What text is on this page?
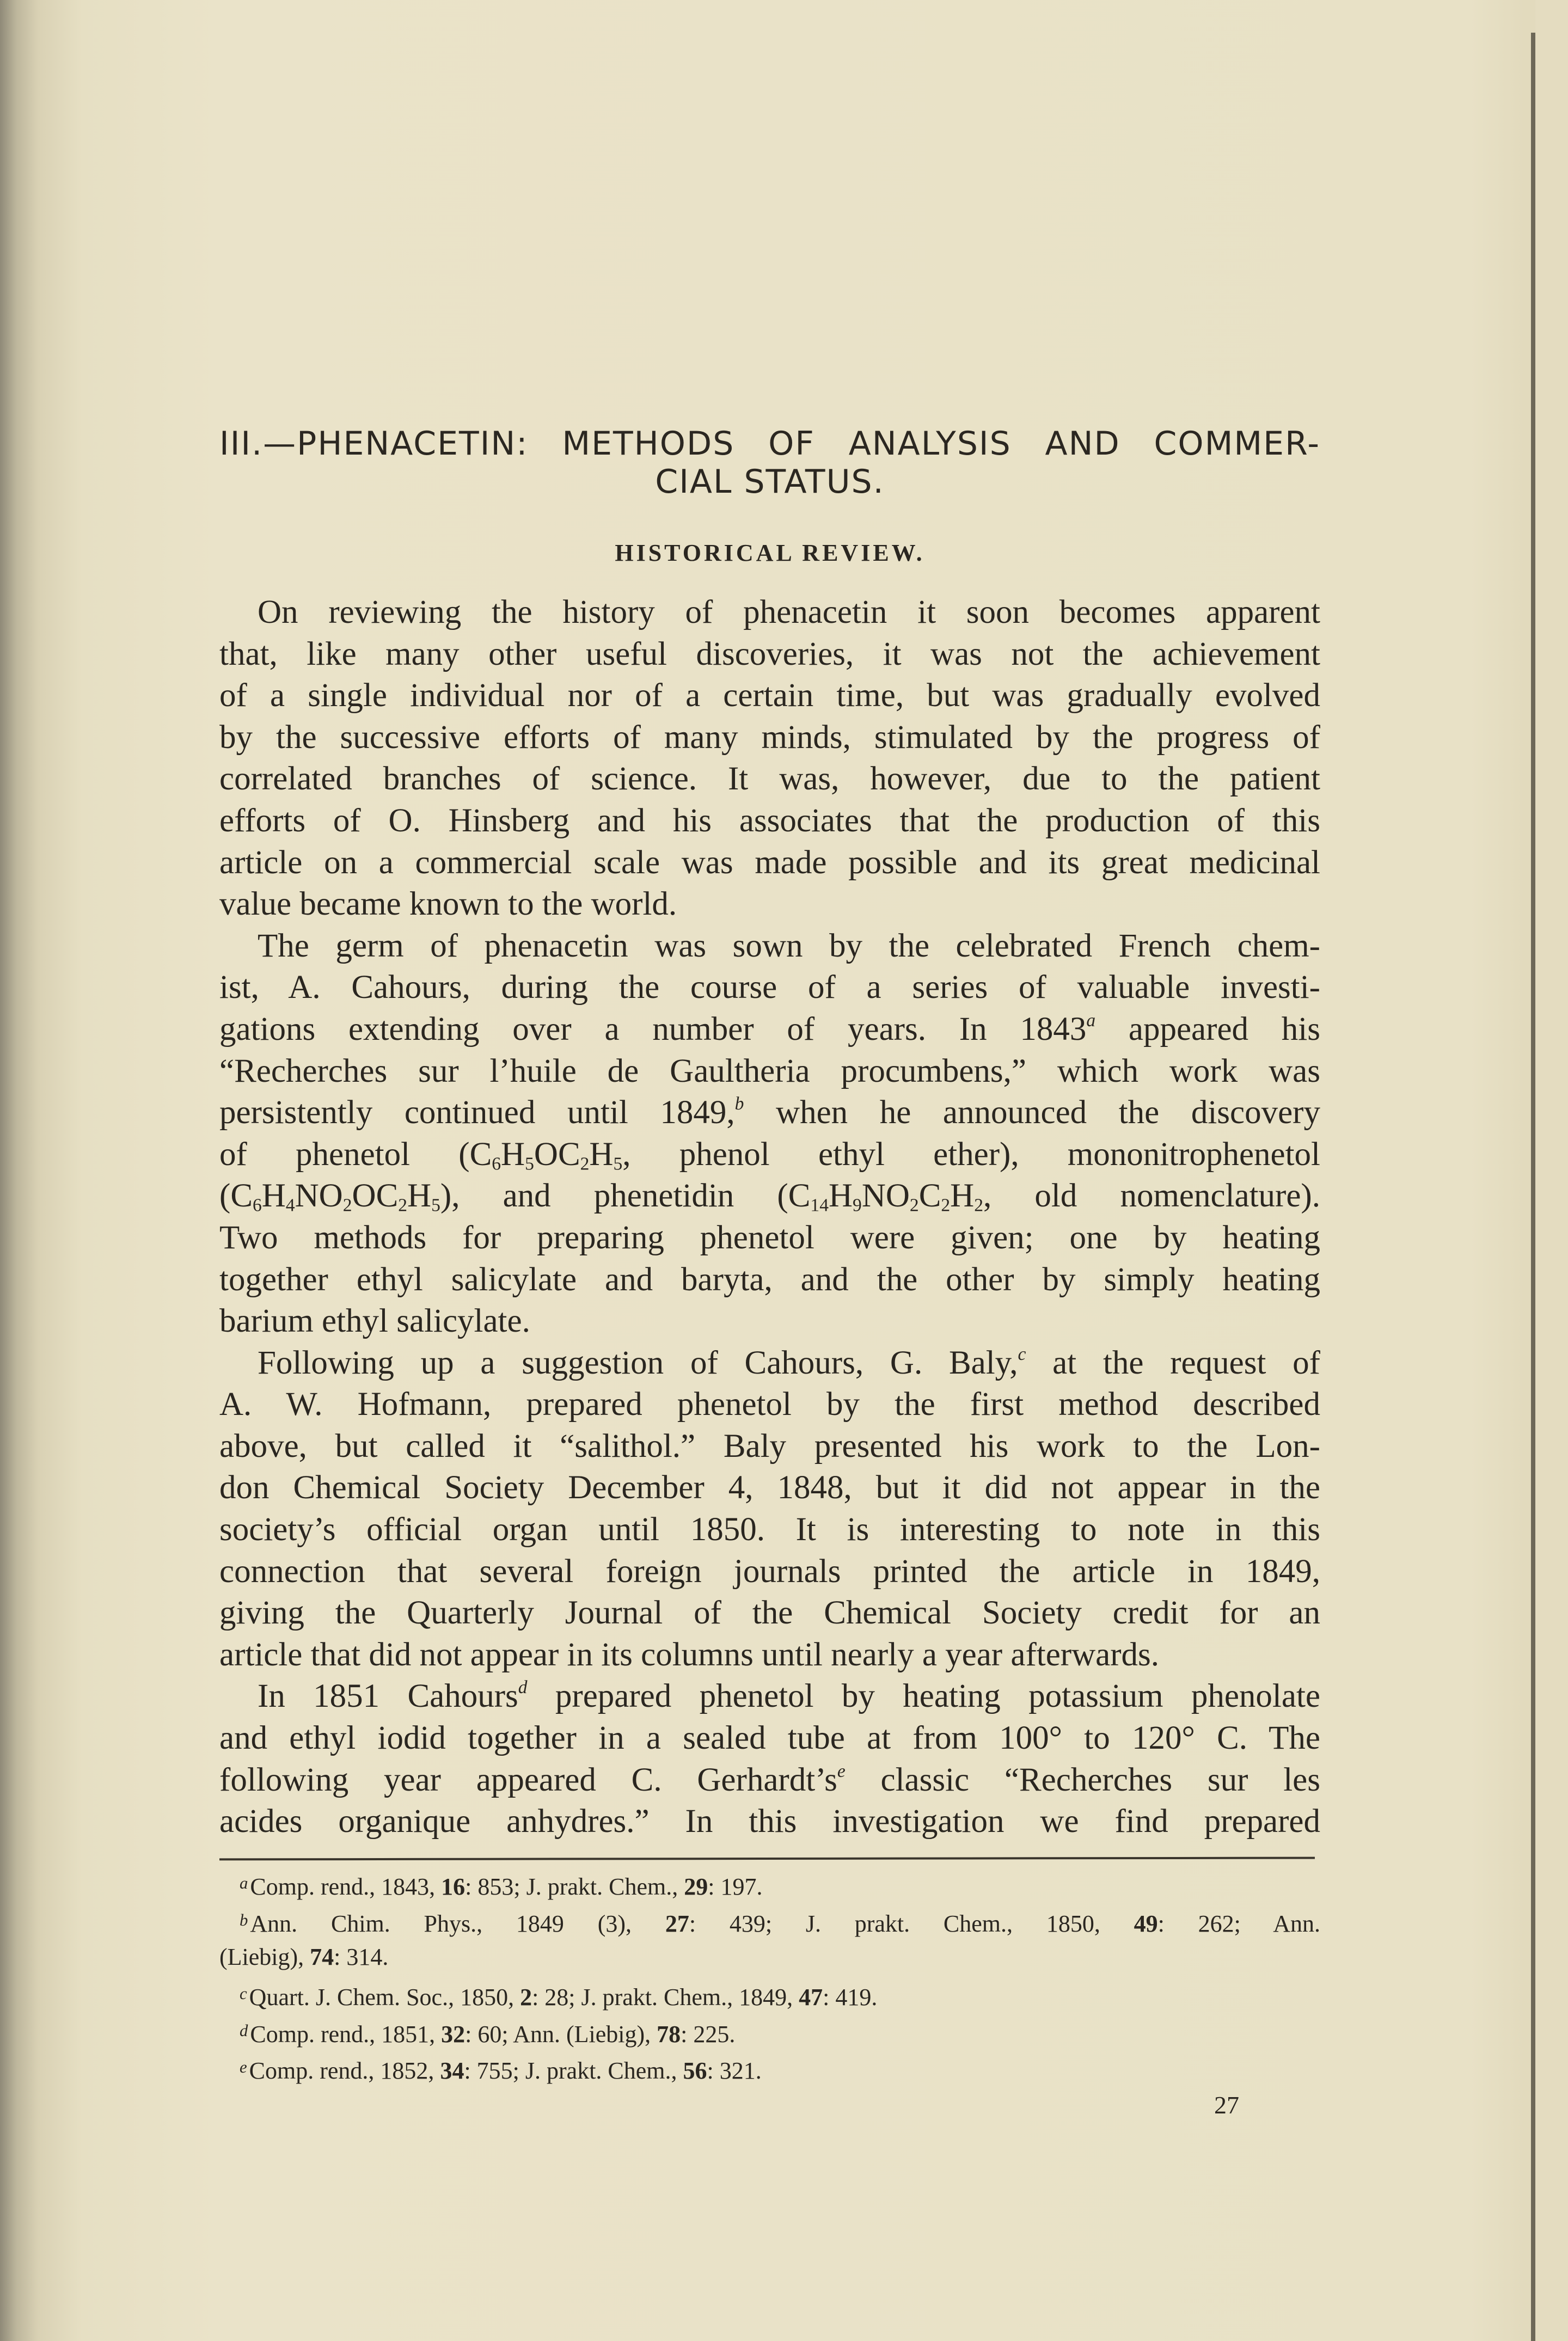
III.—PHENACETIN: METHODS OF ANALYSIS AND COMMER-
CIAL STATUS.
HISTORICAL REVIEW.
On reviewing the history of phenacetin it soon becomes apparent
that, like many other useful discoveries, it was not the achievement
of a single individual nor of a certain time, but was gradually evolved
by the successive efforts of many minds, stimulated by the progress of
correlated branches of science. It was, however, due to the patient
efforts of O. Hinsberg and his associates that the production of this
article on a commercial scale was made possible and its great medicinal
value became known to the world.
The germ of phenacetin was sown by the celebrated French chem-
ist, A. Cahours, during the course of a series of valuable investi-
gations extending over a number of years. In 1843$^a$ appeared his
“Recherches sur l’huile de Gaultheria procumbens,” which work was
persistently continued until 1849,$^b$ when he announced the discovery
of phenetol ($C_6H_5OC_2H_5$, phenol ethyl ether), mononitrophenetol
$(C_6H_4NO_2OC_2H_5)$, and phenetidin ($C_{14}H_9NO_2C_2H_2$, old nomenclature).
Two methods for preparing phenetol were given; one by heating
together ethyl salicylate and baryta, and the other by simply heating
barium ethyl salicylate.
Following up a suggestion of Cahours, G. Baly,$^c$ at the request of
A. W. Hofmann, prepared phenetol by the first method described
above, but called it “salithol.” Baly presented his work to the Lon-
don Chemical Society December 4, 1848, but it did not appear in the
society’s official organ until 1850. It is interesting to note in this
connection that several foreign journals printed the article in 1849,
giving the Quarterly Journal of the Chemical Society credit for an
article that did not appear in its columns until nearly a year afterwards.
In 1851 Cahours$^d$ prepared phenetol by heating potassium phenolate
and ethyl iodid together in a sealed tube at from 100° to 120° C. The
following year appeared C. $Gerhardt’s^e$ classic “Recherches sur les
acides organique anhydres.” In this investigation we find prepared
$^a$Comp. rend., 1843, 16: 853; J. prakt. Chem., 29: 197.
$^b$Ann. Chim. Phys., 1849 (3), 27: 439; J. prakt. Chem., 1850, 49: 262; Ann.
(Liebig), 74: 314.
$^c$Quart. J. Chem. Soc., 1850, 2: 28; J. prakt. Chem., 1849, 47: 419.
$^d$Comp. rend., 1851, 32: 60; Ann. (Liebig), 78: 225.
$^e$Comp. rend., 1852, 34: 755; J. prakt. Chem., 56: 321.
27
